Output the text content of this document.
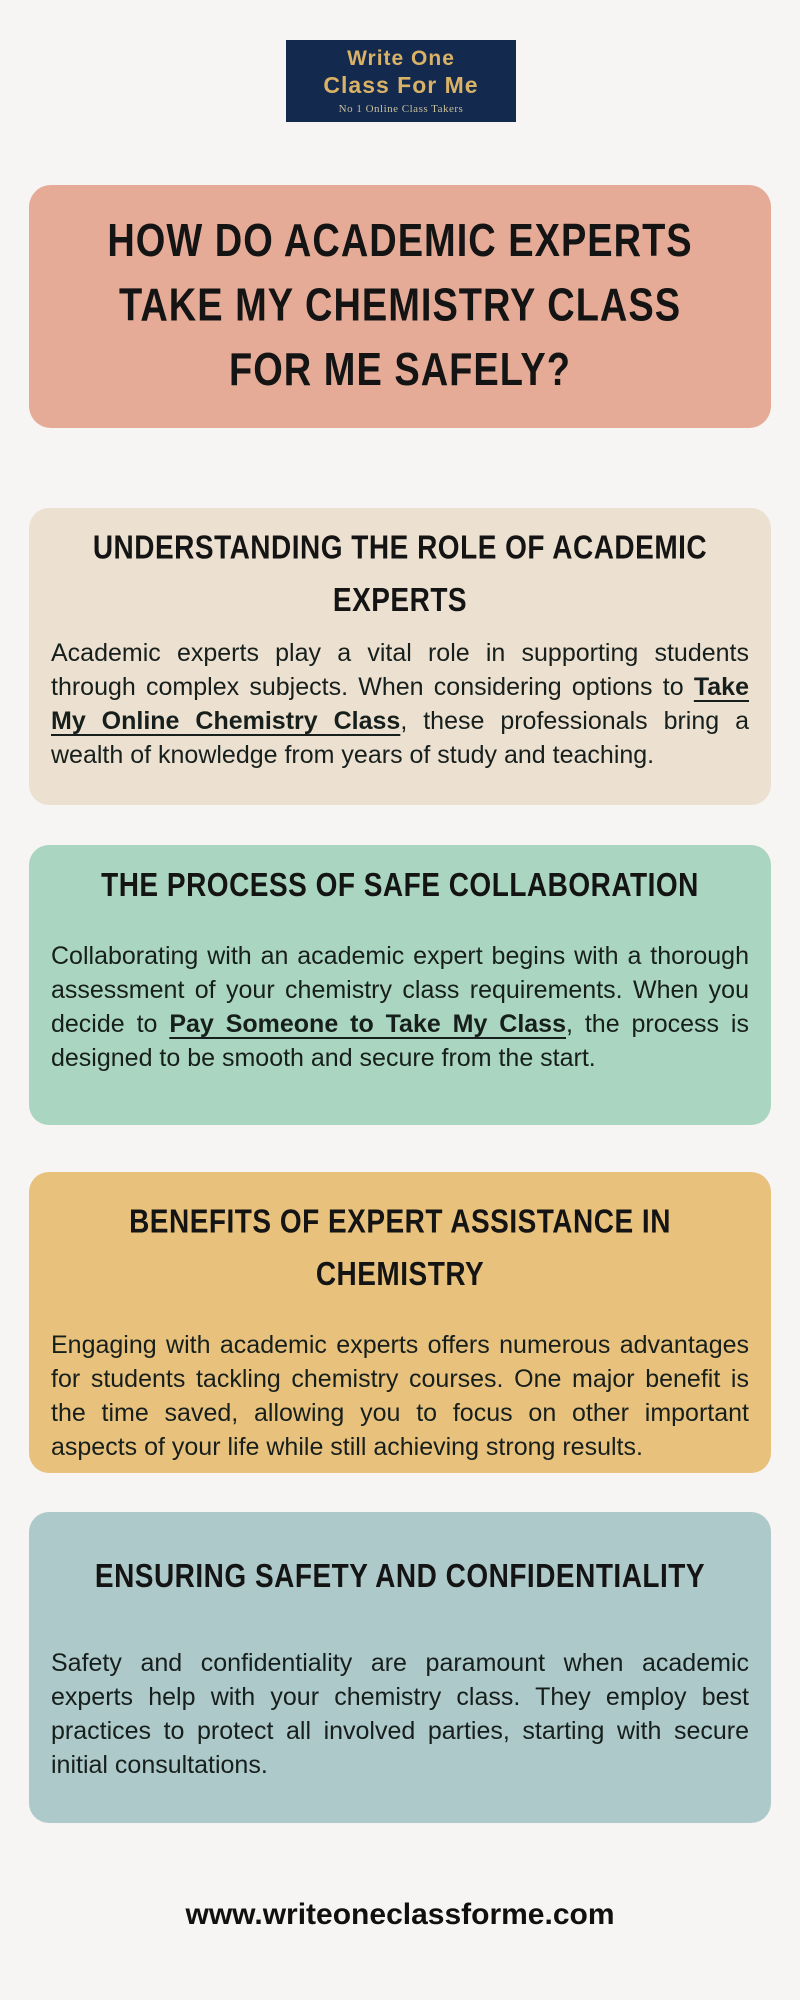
Write One
Class For Me
No 1 Online Class Takers
HOW DO ACADEMIC EXPERTS
TAKE MY CHEMISTRY CLASS
FOR ME SAFELY?
UNDERSTANDING THE ROLE OF ACADEMIC EXPERTS

Academic experts play a vital role in supporting students through complex subjects. When considering options to Take My Online Chemistry Class, these professionals bring a wealth of knowledge from years of study and teaching.

THE PROCESS OF SAFE COLLABORATION

Collaborating with an academic expert begins with a thorough assessment of your chemistry class requirements. When you decide to Pay Someone to Take My Class, the process is designed to be smooth and secure from the start.

BENEFITS OF EXPERT ASSISTANCE IN CHEMISTRY

Engaging with academic experts offers numerous advantages for students tackling chemistry courses. One major benefit is the time saved, allowing you to focus on other important aspects of your life while still achieving strong results.

ENSURING SAFETY AND CONFIDENTIALITY

Safety and confidentiality are paramount when academic experts help with your chemistry class. They employ best practices to protect all involved parties, starting with secure initial consultations.

www.writeoneclassforme.com
